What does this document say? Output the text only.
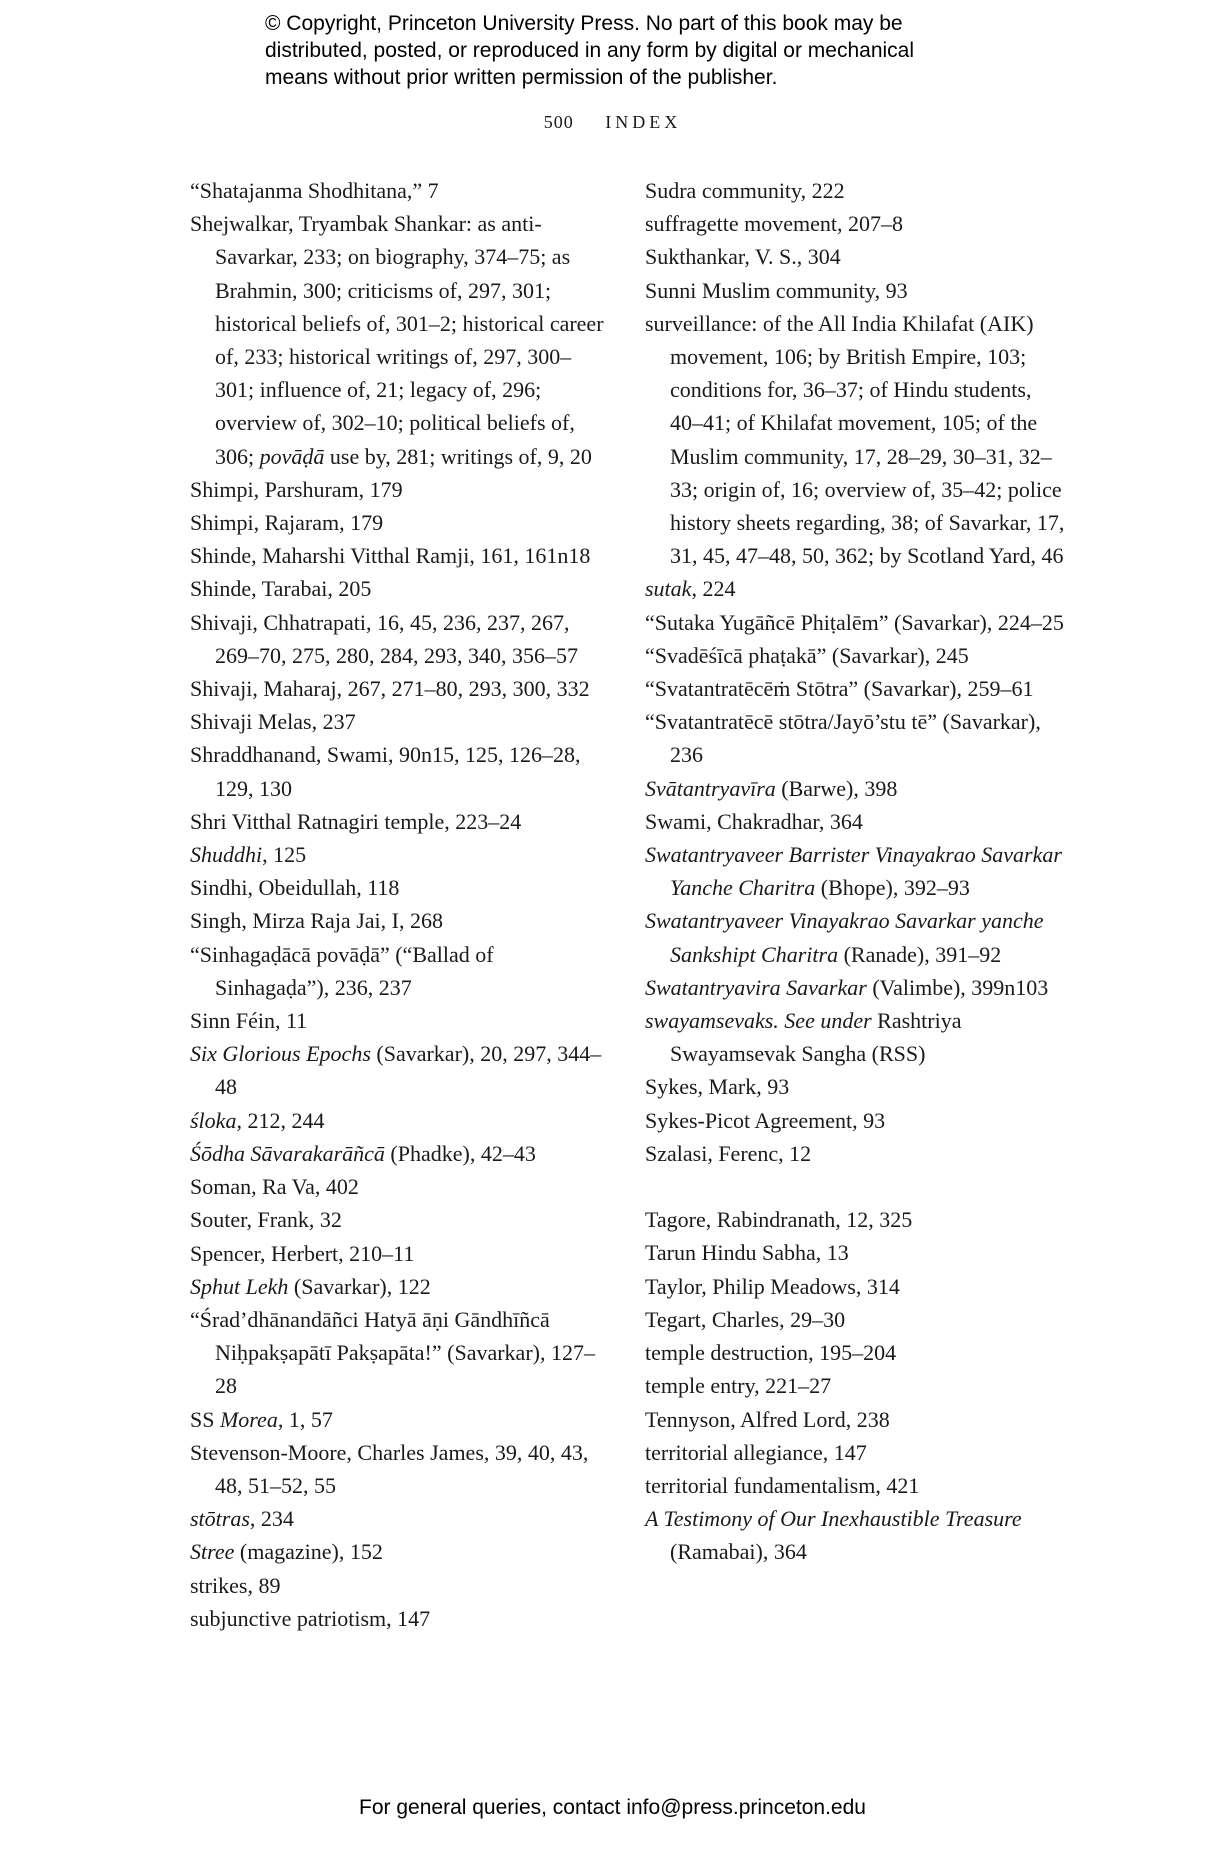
© Copyright, Princeton University Press. No part of this book may be
distributed, posted, or reproduced in any form by digital or mechanical
means without prior written permission of the publisher.
500 INDEX
“Shatajanma Shodhitana,” 7
Shejwalkar, Tryambak Shankar: as anti-Savarkar, 233; on biography, 374–75; as Brahmin, 300; criticisms of, 297, 301; historical beliefs of, 301–2; historical career of, 233; historical writings of, 297, 300–301; influence of, 21; legacy of, 296; overview of, 302–10; political beliefs of, 306; povāḍā use by, 281; writings of, 9, 20
Shimpi, Parshuram, 179
Shimpi, Rajaram, 179
Shinde, Maharshi Vitthal Ramji, 161, 161n18
Shinde, Tarabai, 205
Shivaji, Chhatrapati, 16, 45, 236, 237, 267, 269–70, 275, 280, 284, 293, 340, 356–57
Shivaji, Maharaj, 267, 271–80, 293, 300, 332
Shivaji Melas, 237
Shraddhanand, Swami, 90n15, 125, 126–28, 129, 130
Shri Vitthal Ratnagiri temple, 223–24
Shuddhi, 125
Sindhi, Obeidullah, 118
Singh, Mirza Raja Jai, I, 268
“Sinhagaḍācā povāḍā” (“Ballad of Sinhagaḍa”), 236, 237
Sinn Féin, 11
Six Glorious Epochs (Savarkar), 20, 297, 344–48
śloka, 212, 244
Śōdha Sāvarakarāñcā (Phadke), 42–43
Soman, Ra Va, 402
Souter, Frank, 32
Spencer, Herbert, 210–11
Sphut Lekh (Savarkar), 122
“Śrad’dhānandāñci Hatyā āṇi Gāndhīñcā Niḥpakṣapātī Pakṣapāta!” (Savarkar), 127–28
SS Morea, 1, 57
Stevenson-Moore, Charles James, 39, 40, 43, 48, 51–52, 55
stōtras, 234
Stree (magazine), 152
strikes, 89
subjunctive patriotism, 147
Sudra community, 222
suffragette movement, 207–8
Sukthankar, V. S., 304
Sunni Muslim community, 93
surveillance: of the All India Khilafat (AIK) movement, 106; by British Empire, 103; conditions for, 36–37; of Hindu students, 40–41; of Khilafat movement, 105; of the Muslim community, 17, 28–29, 30–31, 32–33; origin of, 16; overview of, 35–42; police history sheets regarding, 38; of Savarkar, 17, 31, 45, 47–48, 50, 362; by Scotland Yard, 46
sutak, 224
“Sutaka Yugāñcē Phiṭalēm” (Savarkar), 224–25
“Svadēśīcā phaṭakā” (Savarkar), 245
“Svatantratēcēṁ Stōtra” (Savarkar), 259–61
“Svatantratēcē stōtra/Jayō’stu tē” (Savarkar), 236
Svātantryavīra (Barwe), 398
Swami, Chakradhar, 364
Swatantryaveer Barrister Vinayakrao Savarkar Yanche Charitra (Bhope), 392–93
Swatantryaveer Vinayakrao Savarkar yanche Sankshipt Charitra (Ranade), 391–92
Swatantryavira Savarkar (Valimbe), 399n103
swayamsevaks. See under Rashtriya Swayamsevak Sangha (RSS)
Sykes, Mark, 93
Sykes-Picot Agreement, 93
Szalasi, Ferenc, 12
Tagore, Rabindranath, 12, 325
Tarun Hindu Sabha, 13
Taylor, Philip Meadows, 314
Tegart, Charles, 29–30
temple destruction, 195–204
temple entry, 221–27
Tennyson, Alfred Lord, 238
territorial allegiance, 147
territorial fundamentalism, 421
A Testimony of Our Inexhaustible Treasure (Ramabai), 364
For general queries, contact info@press.princeton.edu
